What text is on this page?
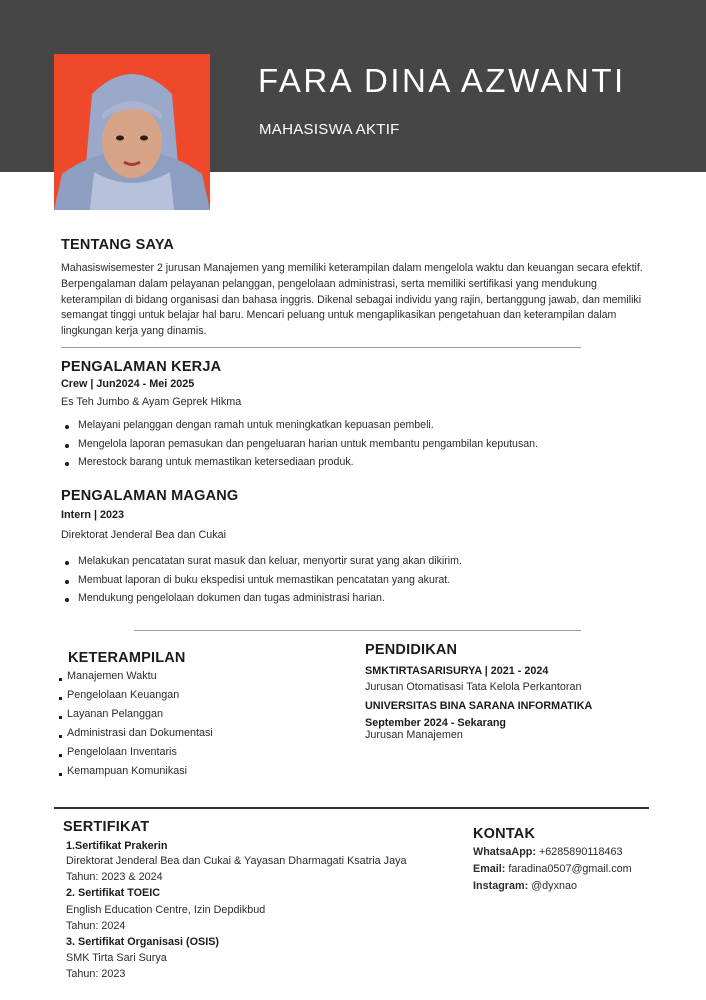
FARA DINA AZWANTI
MAHASISWA AKTIF
TENTANG SAYA
Mahasiswisemester 2 jurusan Manajemen yang memiliki keterampilan dalam mengelola waktu dan keuangan secara efektif. Berpengalaman dalam pelayanan pelanggan, pengelolaan administrasi, serta memiliki sertifikasi yang mendukung keterampilan di bidang organisasi dan bahasa inggris. Dikenal sebagai individu yang rajin, bertanggung jawab, dan memiliki semangat tinggi untuk belajar hal baru. Mencari peluang untuk mengaplikasikan pengetahuan dan keterampilan dalam lingkungan kerja yang dinamis.
PENGALAMAN KERJA
Crew | Jun2024 - Mei 2025
Es Teh Jumbo & Ayam Geprek Hikma
Melayani pelanggan dengan ramah untuk meningkatkan kepuasan pembeli.
Mengelola laporan pemasukan dan pengeluaran harian untuk membantu pengambilan keputusan.
Merestock barang untuk memastikan ketersediaan produk.
PENGALAMAN MAGANG
Intern | 2023
Direktorat Jenderal Bea dan Cukai
Melakukan pencatatan surat masuk dan keluar, menyortir surat yang akan dikirim.
Membuat laporan di buku ekspedisi untuk memastikan pencatatan yang akurat.
Mendukung pengelolaan dokumen dan tugas administrasi harian.
KETERAMPILAN
Manajemen Waktu
Pengelolaan Keuangan
Layanan Pelanggan
Administrasi dan Dokumentasi
Pengelolaan Inventaris
Kemampuan Komunikasi
PENDIDIKAN
SMKTIRTASARISURYA | 2021 - 2024
Jurusan Otomatisasi Tata Kelola Perkantoran
UNIVERSITAS BINA SARANA INFORMATIKA
September 2024 - Sekarang
Jurusan Manajemen
SERTIFIKAT
1.Sertifikat Prakerin
Direktorat Jenderal Bea dan Cukai & Yayasan Dharmagati Ksatria Jaya
Tahun: 2023 & 2024
2. Sertifikat TOEIC
English Education Centre, Izin Depdikbud
Tahun: 2024
3. Sertifikat Organisasi (OSIS)
SMK Tirta Sari Surya
Tahun: 2023
KONTAK
WhatsaApp: +6285890118463
Email: faradina0507@gmail.com
Instagram: @dyxnao
